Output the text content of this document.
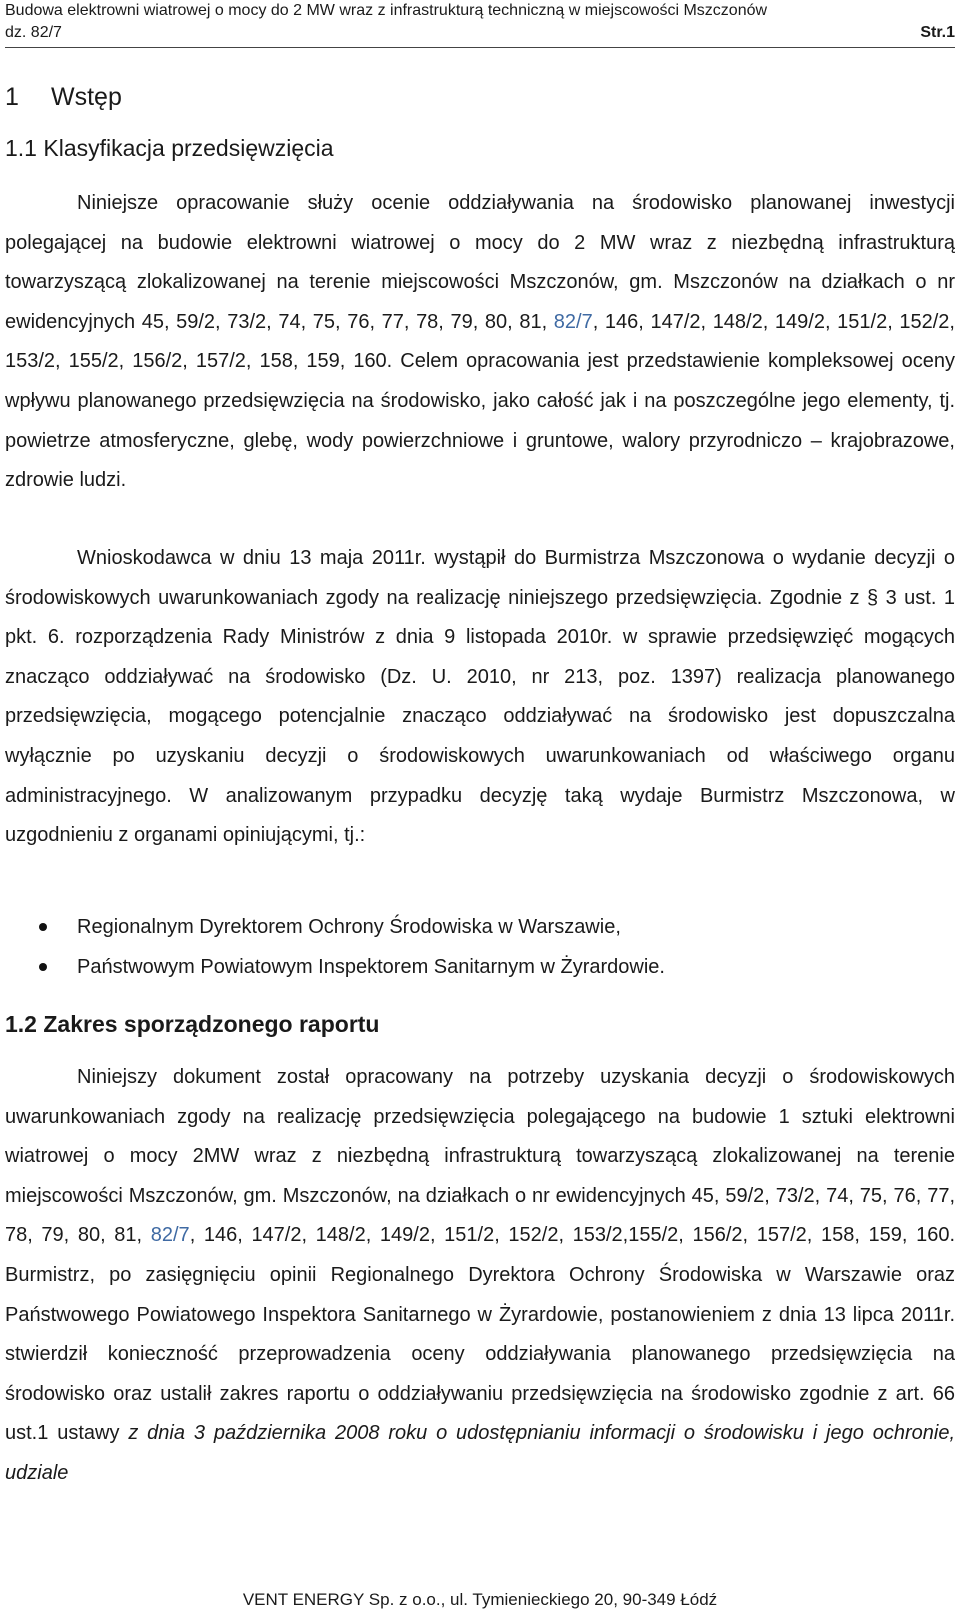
Budowa elektrowni wiatrowej o mocy do 2 MW wraz z infrastrukturą techniczną w miejscowości Mszczonów
dz. 82/7	Str.1
1 Wstęp
1.1 Klasyfikacja przedsięwzięcia
Niniejsze opracowanie służy ocenie oddziaływania na środowisko planowanej inwestycji polegającej na budowie elektrowni wiatrowej o mocy do 2 MW wraz z niezbędną infrastrukturą towarzyszącą zlokalizowanej na terenie miejscowości Mszczonów, gm. Mszczonów na działkach o nr ewidencyjnych 45, 59/2, 73/2, 74, 75, 76, 77, 78, 79, 80, 81, 82/7, 146, 147/2, 148/2, 149/2, 151/2, 152/2, 153/2, 155/2, 156/2, 157/2, 158, 159, 160. Celem opracowania jest przedstawienie kompleksowej oceny wpływu planowanego przedsięwzięcia na środowisko, jako całość jak i na poszczególne jego elementy, tj. powietrze atmosferyczne, glebę, wody powierzchniowe i gruntowe, walory przyrodniczo – krajobrazowe, zdrowie ludzi.
Wnioskodawca w dniu 13 maja 2011r. wystąpił do Burmistrza Mszczonowa o wydanie decyzji o środowiskowych uwarunkowaniach zgody na realizację niniejszego przedsięwzięcia. Zgodnie z § 3 ust. 1 pkt. 6. rozporządzenia Rady Ministrów z dnia 9 listopada 2010r. w sprawie przedsięwzięć mogących znacząco oddziaływać na środowisko (Dz. U. 2010, nr 213, poz. 1397) realizacja planowanego przedsięwzięcia, mogącego potencjalnie znacząco oddziaływać na środowisko jest dopuszczalna wyłącznie po uzyskaniu decyzji o środowiskowych uwarunkowaniach od właściwego organu administracyjnego. W analizowanym przypadku decyzję taką wydaje Burmistrz Mszczonowa, w uzgodnieniu z organami opiniującymi, tj.:
Regionalnym Dyrektorem Ochrony Środowiska w Warszawie,
Państwowym Powiatowym Inspektorem Sanitarnym w Żyrardowie.
1.2 Zakres sporządzonego raportu
Niniejszy dokument został opracowany na potrzeby uzyskania decyzji o środowiskowych uwarunkowaniach zgody na realizację przedsięwzięcia polegającego na budowie 1 sztuki elektrowni wiatrowej o mocy 2MW wraz z niezbędną infrastrukturą towarzyszącą zlokalizowanej na terenie miejscowości Mszczonów, gm. Mszczonów, na działkach o nr ewidencyjnych 45, 59/2, 73/2, 74, 75, 76, 77, 78, 79, 80, 81, 82/7, 146, 147/2, 148/2, 149/2, 151/2, 152/2, 153/2,155/2, 156/2, 157/2, 158, 159, 160. Burmistrz, po zasięgnięciu opinii Regionalnego Dyrektora Ochrony Środowiska w Warszawie oraz Państwowego Powiatowego Inspektora Sanitarnego w Żyrardowie, postanowieniem z dnia 13 lipca 2011r. stwierdził konieczność przeprowadzenia oceny oddziaływania planowanego przedsięwzięcia na środowisko oraz ustalił zakres raportu o oddziaływaniu przedsięwzięcia na środowisko zgodnie z art. 66 ust.1 ustawy z dnia 3 października 2008 roku o udostępnianiu informacji o środowisku i jego ochronie, udziale
VENT ENERGY Sp. z o.o., ul. Tymienieckiego 20, 90-349 Łódź
